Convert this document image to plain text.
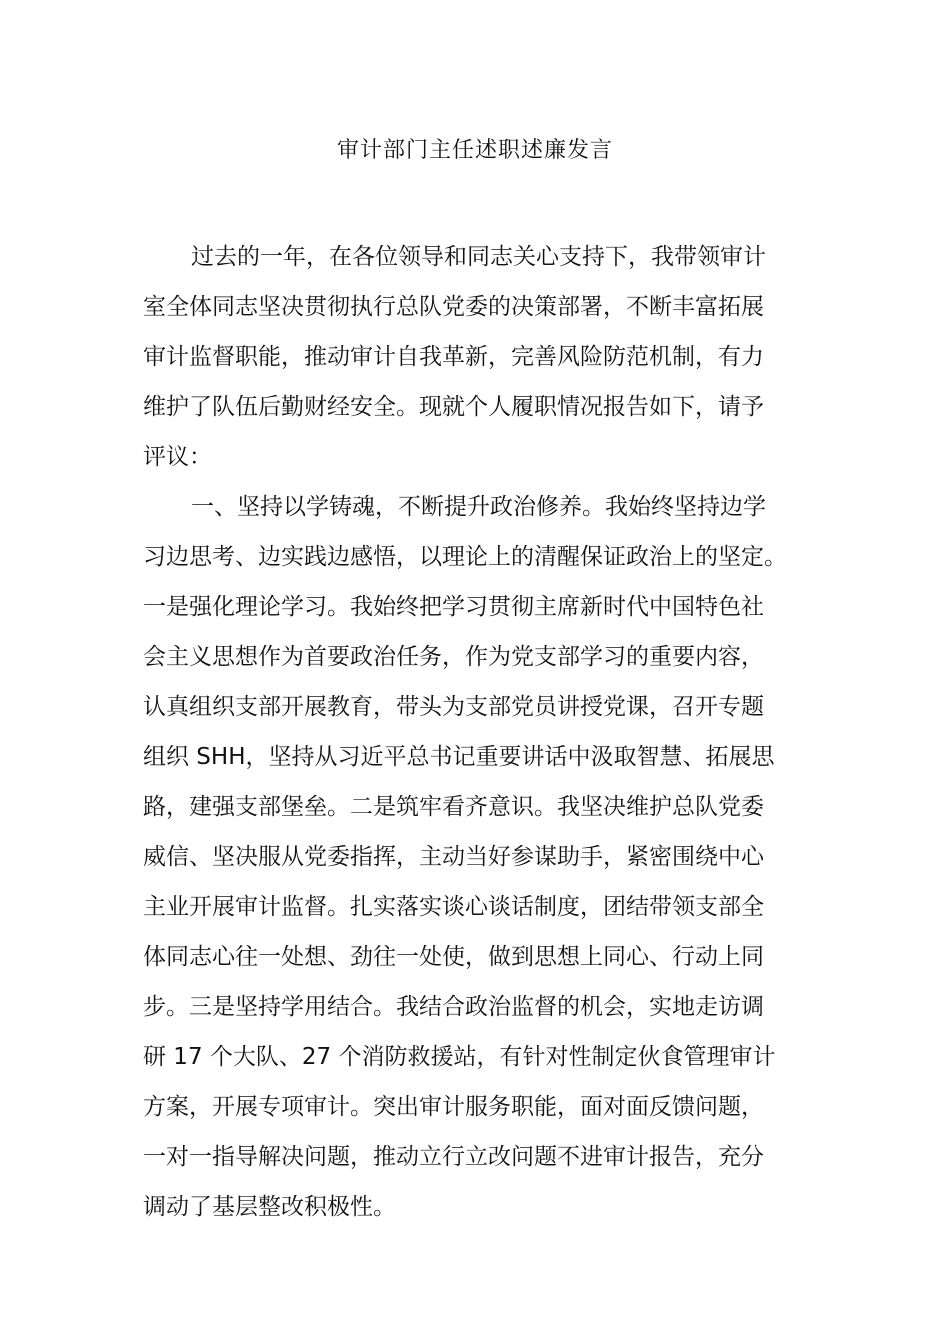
审计部门主任述职述廉发言

过去的一年，在各位领导和同志关心支持下，我带领审计
室全体同志坚决贯彻执行总队党委的决策部署，不断丰富拓展
审计监督职能，推动审计自我革新，完善风险防范机制，有力
维护了队伍后勤财经安全。现就个人履职情况报告如下，请予
评议：

一、坚持以学铸魂，不断提升政治修养。我始终坚持边学
习边思考、边实践边感悟，以理论上的清醒保证政治上的坚定。
一是强化理论学习。我始终把学习贯彻主席新时代中国特色社
会主义思想作为首要政治任务，作为党支部学习的重要内容，
认真组织支部开展教育，带头为支部党员讲授党课，召开专题
组织 SHH，坚持从习近平总书记重要讲话中汲取智慧、拓展思
路，建强支部堡垒。二是筑牢看齐意识。我坚决维护总队党委
威信、坚决服从党委指挥，主动当好参谋助手，紧密围绕中心
主业开展审计监督。扎实落实谈心谈话制度，团结带领支部全
体同志心往一处想、劲往一处使，做到思想上同心、行动上同
步。三是坚持学用结合。我结合政治监督的机会，实地走访调
研 17 个大队、27 个消防救援站，有针对性制定伙食管理审计
方案，开展专项审计。突出审计服务职能，面对面反馈问题，
一对一指导解决问题，推动立行立改问题不进审计报告，充分
调动了基层整改积极性。
